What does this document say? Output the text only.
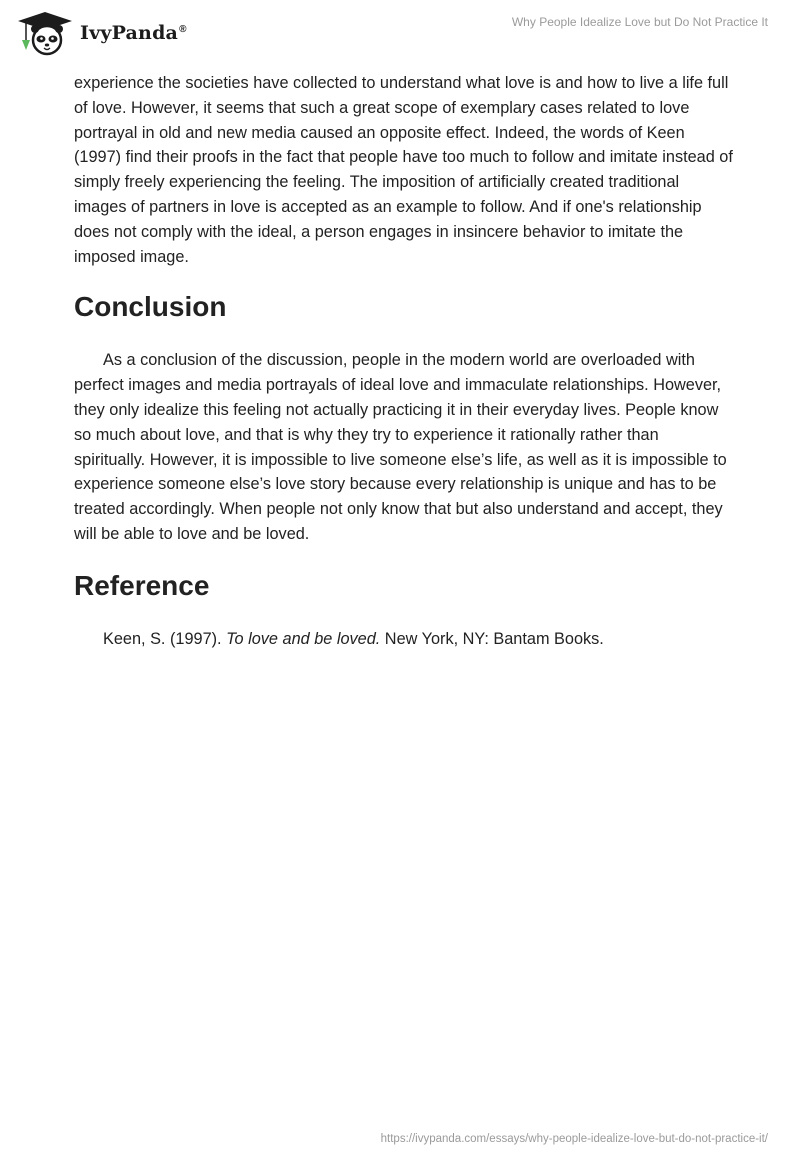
IvyPanda®
Why People Idealize Love but Do Not Practice It

experience the societies have collected to understand what love is and how to live a life full of love. However, it seems that such a great scope of exemplary cases related to love portrayal in old and new media caused an opposite effect. Indeed, the words of Keen (1997) find their proofs in the fact that people have too much to follow and imitate instead of simply freely experiencing the feeling. The imposition of artificially created traditional images of partners in love is accepted as an example to follow. And if one's relationship does not comply with the ideal, a person engages in insincere behavior to imitate the imposed image.

Conclusion

As a conclusion of the discussion, people in the modern world are overloaded with perfect images and media portrayals of ideal love and immaculate relationships. However, they only idealize this feeling not actually practicing it in their everyday lives. People know so much about love, and that is why they try to experience it rationally rather than spiritually. However, it is impossible to live someone else’s life, as well as it is impossible to experience someone else’s love story because every relationship is unique and has to be treated accordingly. When people not only know that but also understand and accept, they will be able to love and be loved.

Reference

Keen, S. (1997). To love and be loved. New York, NY: Bantam Books.

https://ivypanda.com/essays/why-people-idealize-love-but-do-not-practice-it/
